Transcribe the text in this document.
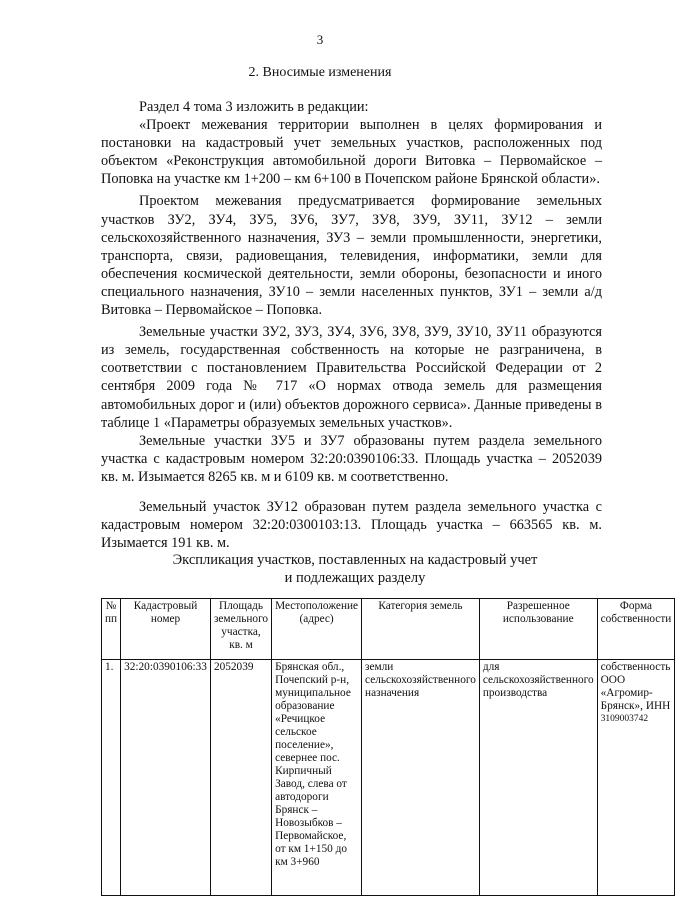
3
2. Вносимые изменения

Раздел 4 тома 3 изложить в редакции:

«Проект межевания территории выполнен в целях формирования и постановки на кадастровый учет земельных участков, расположенных под объектом «Реконструкция автомобильной дороги Витовка – Первомайское – Поповка на участке км 1+200 – км 6+100 в Почепском районе Брянской области».

Проектом межевания предусматривается формирование земельных участков ЗУ2, ЗУ4, ЗУ5, ЗУ6, ЗУ7, ЗУ8, ЗУ9, ЗУ11, ЗУ12 – земли сельскохозяйственного назначения, ЗУ3 – земли промышленности, энергетики, транспорта, связи, радиовещания, телевидения, информатики, земли для обеспечения космической деятельности, земли обороны, безопасности и иного специального назначения, ЗУ10 – земли населенных пунктов, ЗУ1 – земли а/д Витовка – Первомайское – Поповка.

Земельные участки ЗУ2, ЗУ3, ЗУ4, ЗУ6, ЗУ8, ЗУ9, ЗУ10, ЗУ11 образуются из земель, государственная собственность на которые не разграничена, в соответствии с постановлением Правительства Российской Федерации от 2 сентября 2009 года № 717 «О нормах отвода земель для размещения автомобильных дорог и (или) объектов дорожного сервиса». Данные приведены в таблице 1 «Параметры образуемых земельных участков».

Земельные участки ЗУ5 и ЗУ7 образованы путем раздела земельного участка с кадастровым номером 32:20:0390106:33. Площадь участка – 2052039 кв. м. Изымается 8265 кв. м и 6109 кв. м соответственно.

Земельный участок ЗУ12 образован путем раздела земельного участка с кадастровым номером 32:20:0300103:13. Площадь участка – 663565 кв. м. Изымается 191 кв. м.

Экспликация участков, поставленных на кадастровый учет
и подлежащих разделу
№ пп	Кадастровый номер	Площадь земельного участка, кв. м	Местоположение (адрес)	Категория земель	Разрешенное использование	Форма собственности
1.	32:20:0390106:33	2052039	Брянская обл., Почепский р-н, муниципальное образование «Речицкое сельское поселение», севернее пос. Кирпичный Завод, слева от автодороги Брянск – Новозыбков – Первомайское, от км 1+150 до км 3+960	земли сельскохозяйственного назначения	для сельскохозяйственного производства	собственность ООО «Агромир-Брянск», ИНН
3109003742
